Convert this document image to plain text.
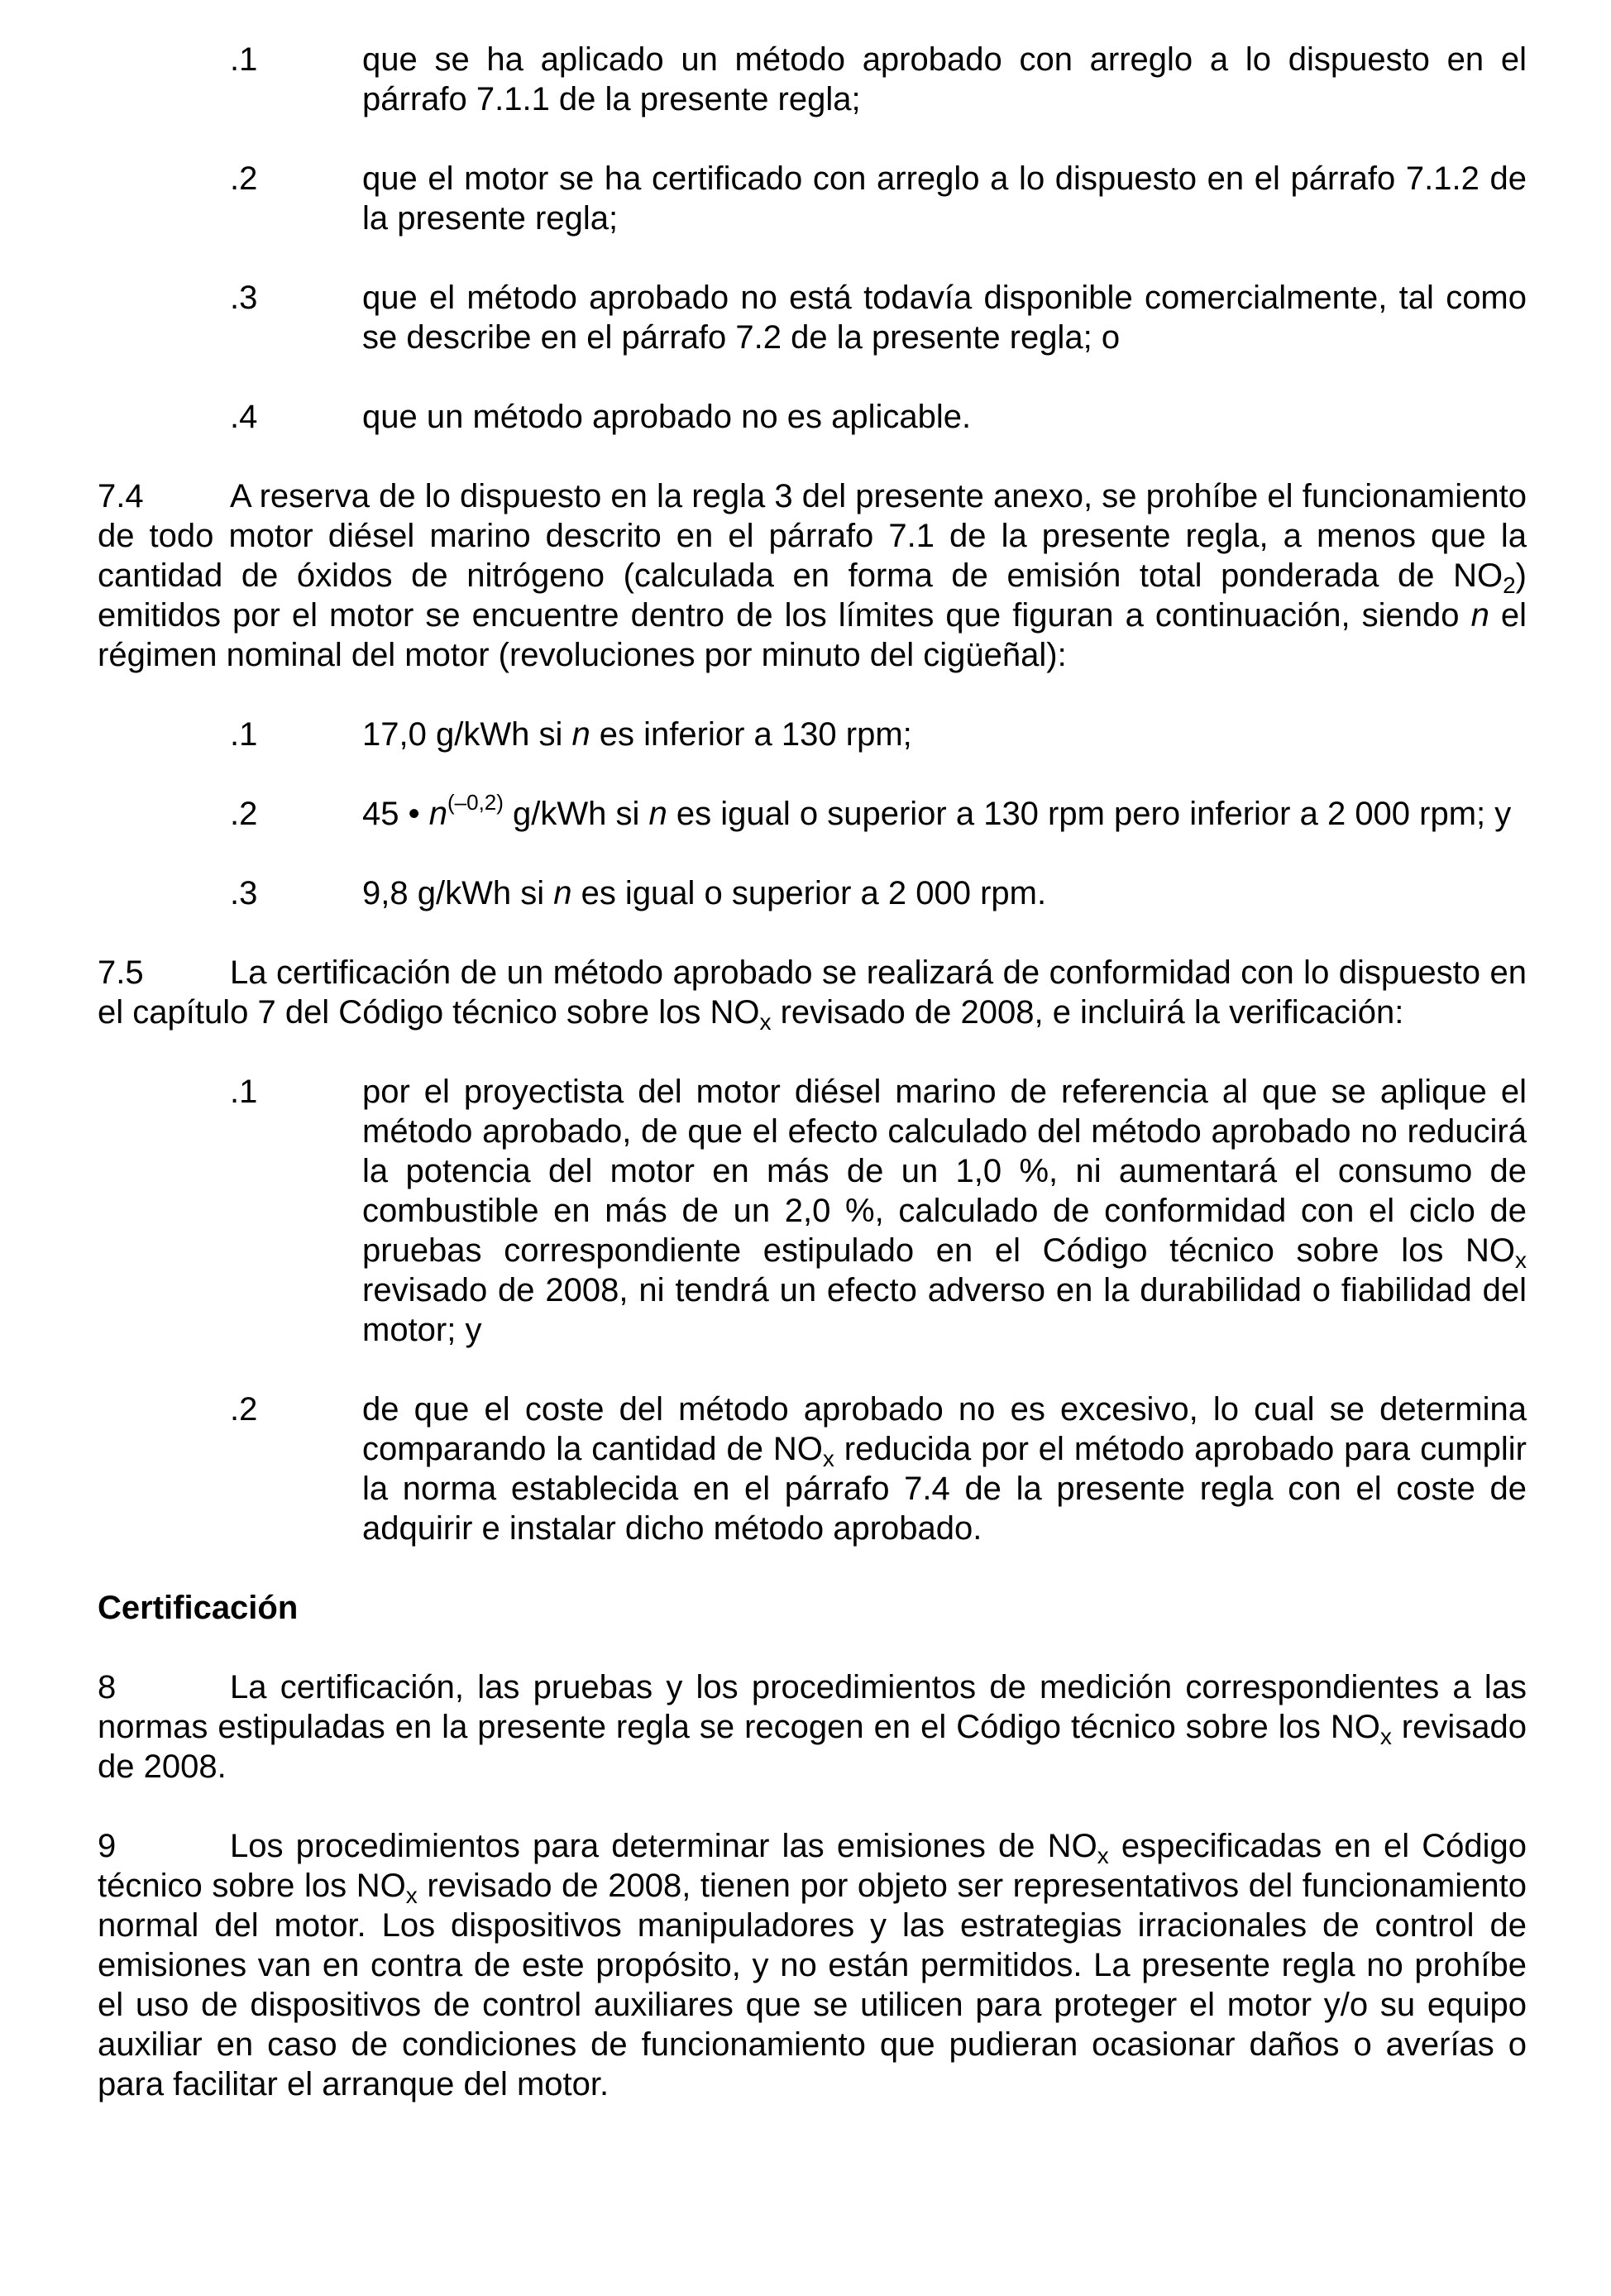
.1	que se ha aplicado un método aprobado con arreglo a lo dispuesto en el párrafo 7.1.1 de la presente regla;
.2	que el motor se ha certificado con arreglo a lo dispuesto en el párrafo 7.1.2 de la presente regla;
.3	que el método aprobado no está todavía disponible comercialmente, tal como se describe en el párrafo 7.2 de la presente regla; o
.4	que un método aprobado no es aplicable.
7.4	A reserva de lo dispuesto en la regla 3 del presente anexo, se prohíbe el funcionamiento de todo motor diésel marino descrito en el párrafo 7.1 de la presente regla, a menos que la cantidad de óxidos de nitrógeno (calculada en forma de emisión total ponderada de $NO_2$) emitidos por el motor se encuentre dentro de los límites que figuran a continuación, siendo n el régimen nominal del motor (revoluciones por minuto del cigüeñal):
.1	17,0 g/kWh si n es inferior a 130 rpm;
.2	45 • $n^{(-0,2)}$ g/kWh si n es igual o superior a 130 rpm pero inferior a 2 000 rpm; y
.3	9,8 g/kWh si n es igual o superior a 2 000 rpm.
7.5	La certificación de un método aprobado se realizará de conformidad con lo dispuesto en el capítulo 7 del Código técnico sobre los $NO_x$ revisado de 2008, e incluirá la verificación:
.1	por el proyectista del motor diésel marino de referencia al que se aplique el método aprobado, de que el efecto calculado del método aprobado no reducirá la potencia del motor en más de un 1,0 %, ni aumentará el consumo de combustible en más de un 2,0 %, calculado de conformidad con el ciclo de pruebas correspondiente estipulado en el Código técnico sobre los $NO_x$ revisado de 2008, ni tendrá un efecto adverso en la durabilidad o fiabilidad del motor; y
.2	de que el coste del método aprobado no es excesivo, lo cual se determina comparando la cantidad de $NO_x$ reducida por el método aprobado para cumplir la norma establecida en el párrafo 7.4 de la presente regla con el coste de adquirir e instalar dicho método aprobado.
Certificación
8	La certificación, las pruebas y los procedimientos de medición correspondientes a las normas estipuladas en la presente regla se recogen en el Código técnico sobre los $NO_x$ revisado de 2008.
9	Los procedimientos para determinar las emisiones de $NO_x$ especificadas en el Código técnico sobre los $NO_x$ revisado de 2008, tienen por objeto ser representativos del funcionamiento normal del motor. Los dispositivos manipuladores y las estrategias irracionales de control de emisiones van en contra de este propósito, y no están permitidos. La presente regla no prohíbe el uso de dispositivos de control auxiliares que se utilicen para proteger el motor y/o su equipo auxiliar en caso de condiciones de funcionamiento que pudieran ocasionar daños o averías o para facilitar el arranque del motor.
